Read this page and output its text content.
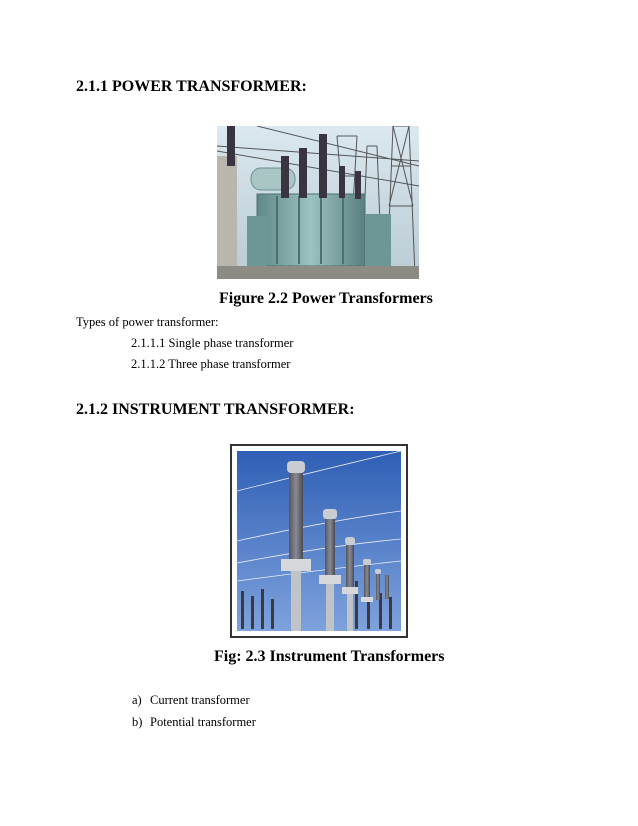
2.1.1 POWER TRANSFORMER:
Figure 2.2 Power Transformers
Types of power transformer:
2.1.1.1 Single phase transformer
2.1.1.2 Three phase transformer
2.1.2 INSTRUMENT TRANSFORMER:
Fig: 2.3 Instrument Transformers
a) Current transformer
b) Potential transformer
